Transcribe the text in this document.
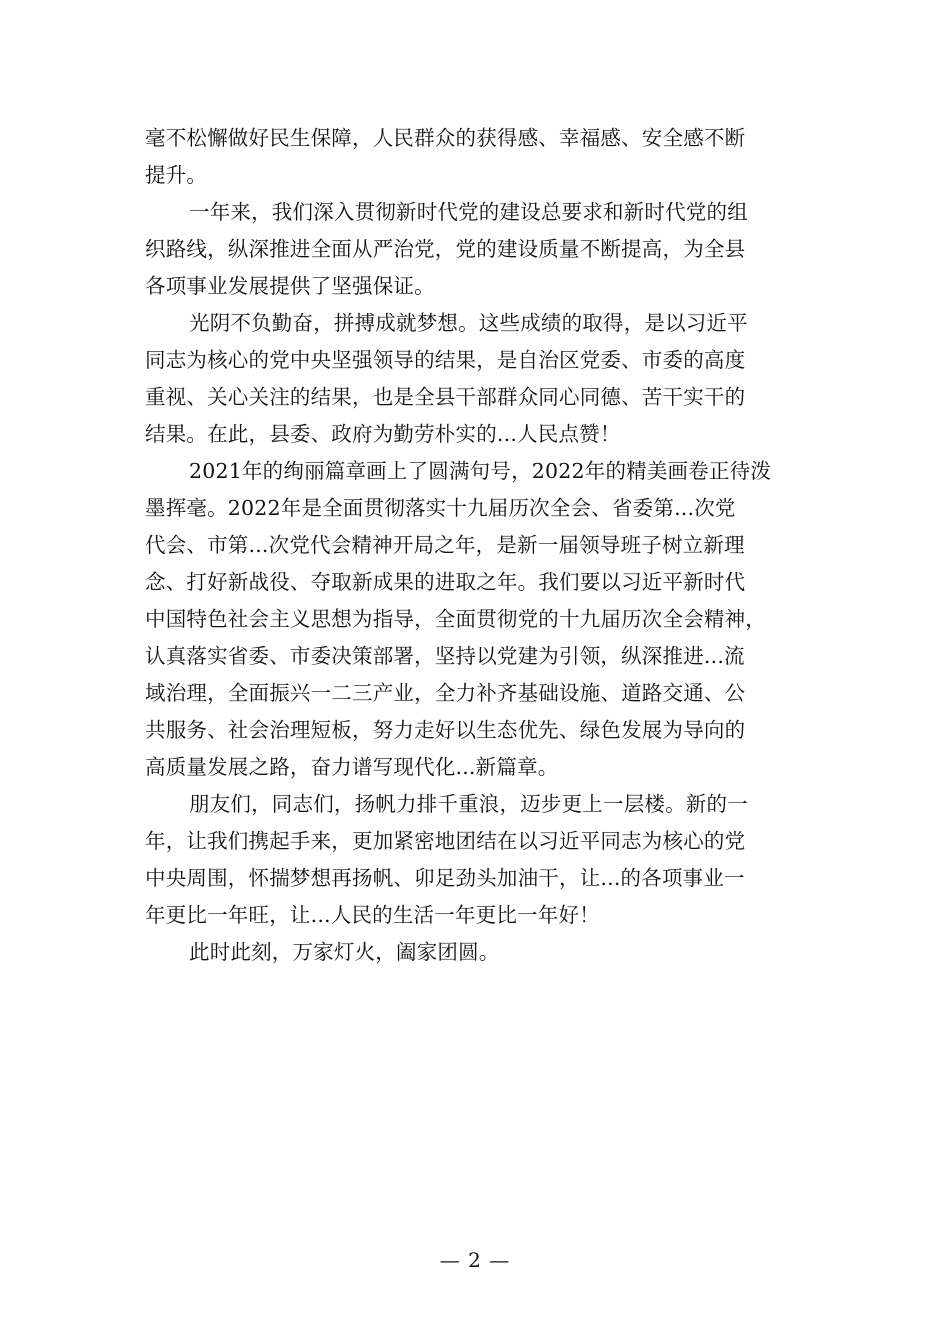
毫不松懈做好民生保障，人民群众的获得感、幸福感、安全感不断
提升。
一年来，我们深入贯彻新时代党的建设总要求和新时代党的组
织路线，纵深推进全面从严治党，党的建设质量不断提高，为全县
各项事业发展提供了坚强保证。
光阴不负勤奋，拼搏成就梦想。这些成绩的取得，是以习近平
同志为核心的党中央坚强领导的结果，是自治区党委、市委的高度
重视、关心关注的结果，也是全县干部群众同心同德、苦干实干的
结果。在此，县委、政府为勤劳朴实的...人民点赞！
2021年的绚丽篇章画上了圆满句号，2022年的精美画卷正待泼
墨挥毫。2022年是全面贯彻落实十九届历次全会、省委第...次党
代会、市第...次党代会精神开局之年，是新一届领导班子树立新理
念、打好新战役、夺取新成果的进取之年。我们要以习近平新时代
中国特色社会主义思想为指导，全面贯彻党的十九届历次全会精神，
认真落实省委、市委决策部署，坚持以党建为引领，纵深推进...流
域治理，全面振兴一二三产业，全力补齐基础设施、道路交通、公
共服务、社会治理短板，努力走好以生态优先、绿色发展为导向的
高质量发展之路，奋力谱写现代化...新篇章。
朋友们，同志们，扬帆力排千重浪，迈步更上一层楼。新的一
年，让我们携起手来，更加紧密地团结在以习近平同志为核心的党
中央周围，怀揣梦想再扬帆、卯足劲头加油干，让...的各项事业一
年更比一年旺，让...人民的生活一年更比一年好！
此时此刻，万家灯火，阖家团圆。
— 2 —
